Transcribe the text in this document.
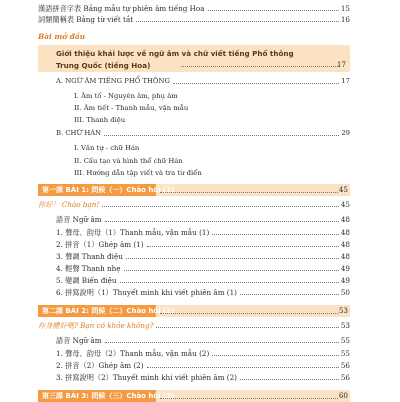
漢語拼音字表 Bảng mẫu tự phiên âm tiếng Hoa	15
詞類簡稱表 Bảng từ viết tắt	16
Bài mở đầu
Giới thiệu khái lược về ngữ âm và chữ viết tiếng Phổ thông
Trung Quốc (tiếng Hoa)	17
A. NGỮ ÂM TIẾNG PHỔ THÔNG	17
I. Âm tố - Nguyên âm, phụ âm
II. Âm tiết - Thanh mẫu, vận mẫu
III. Thanh điệu
B. CHỮ HÁN	29
I. Văn tự - chữ Hán
II. Cấu tạo và hình thể chữ Hán
III. Hướng dẫn tập viết và tra từ điển
第一課 BÀI 1: 問候（一）Chào hỏi (1)	45
你好！ Chào bạn!	45
語音 Ngữ âm	48
1. 聲母、韵母（1）Thanh mẫu, vận mẫu (1)	48
2. 拼音（1）Ghép âm (1)	48
3. 聲調 Thanh điệu	48
4. 輕聲 Thanh nhẹ	49
5. 變調 Biến điệu	49
6. 拼寫說明（1）Thuyết minh khi viết phiên âm (1)	50
第二課 BÀI 2: 問候（二）Chào hỏi (2)	53
你身體好嗎? Bạn có khỏe không?	53
語音 Ngữ âm	55
1. 聲母、韵母（2）Thanh mẫu, vận mẫu (2)	55
2. 拼音（2）Ghép âm (2)	56
3. 拼寫說明（2）Thuyết minh khi viết phiên âm (2)	56
第三課 BÀI 3: 問候（三）Chào hỏi (3)	60
